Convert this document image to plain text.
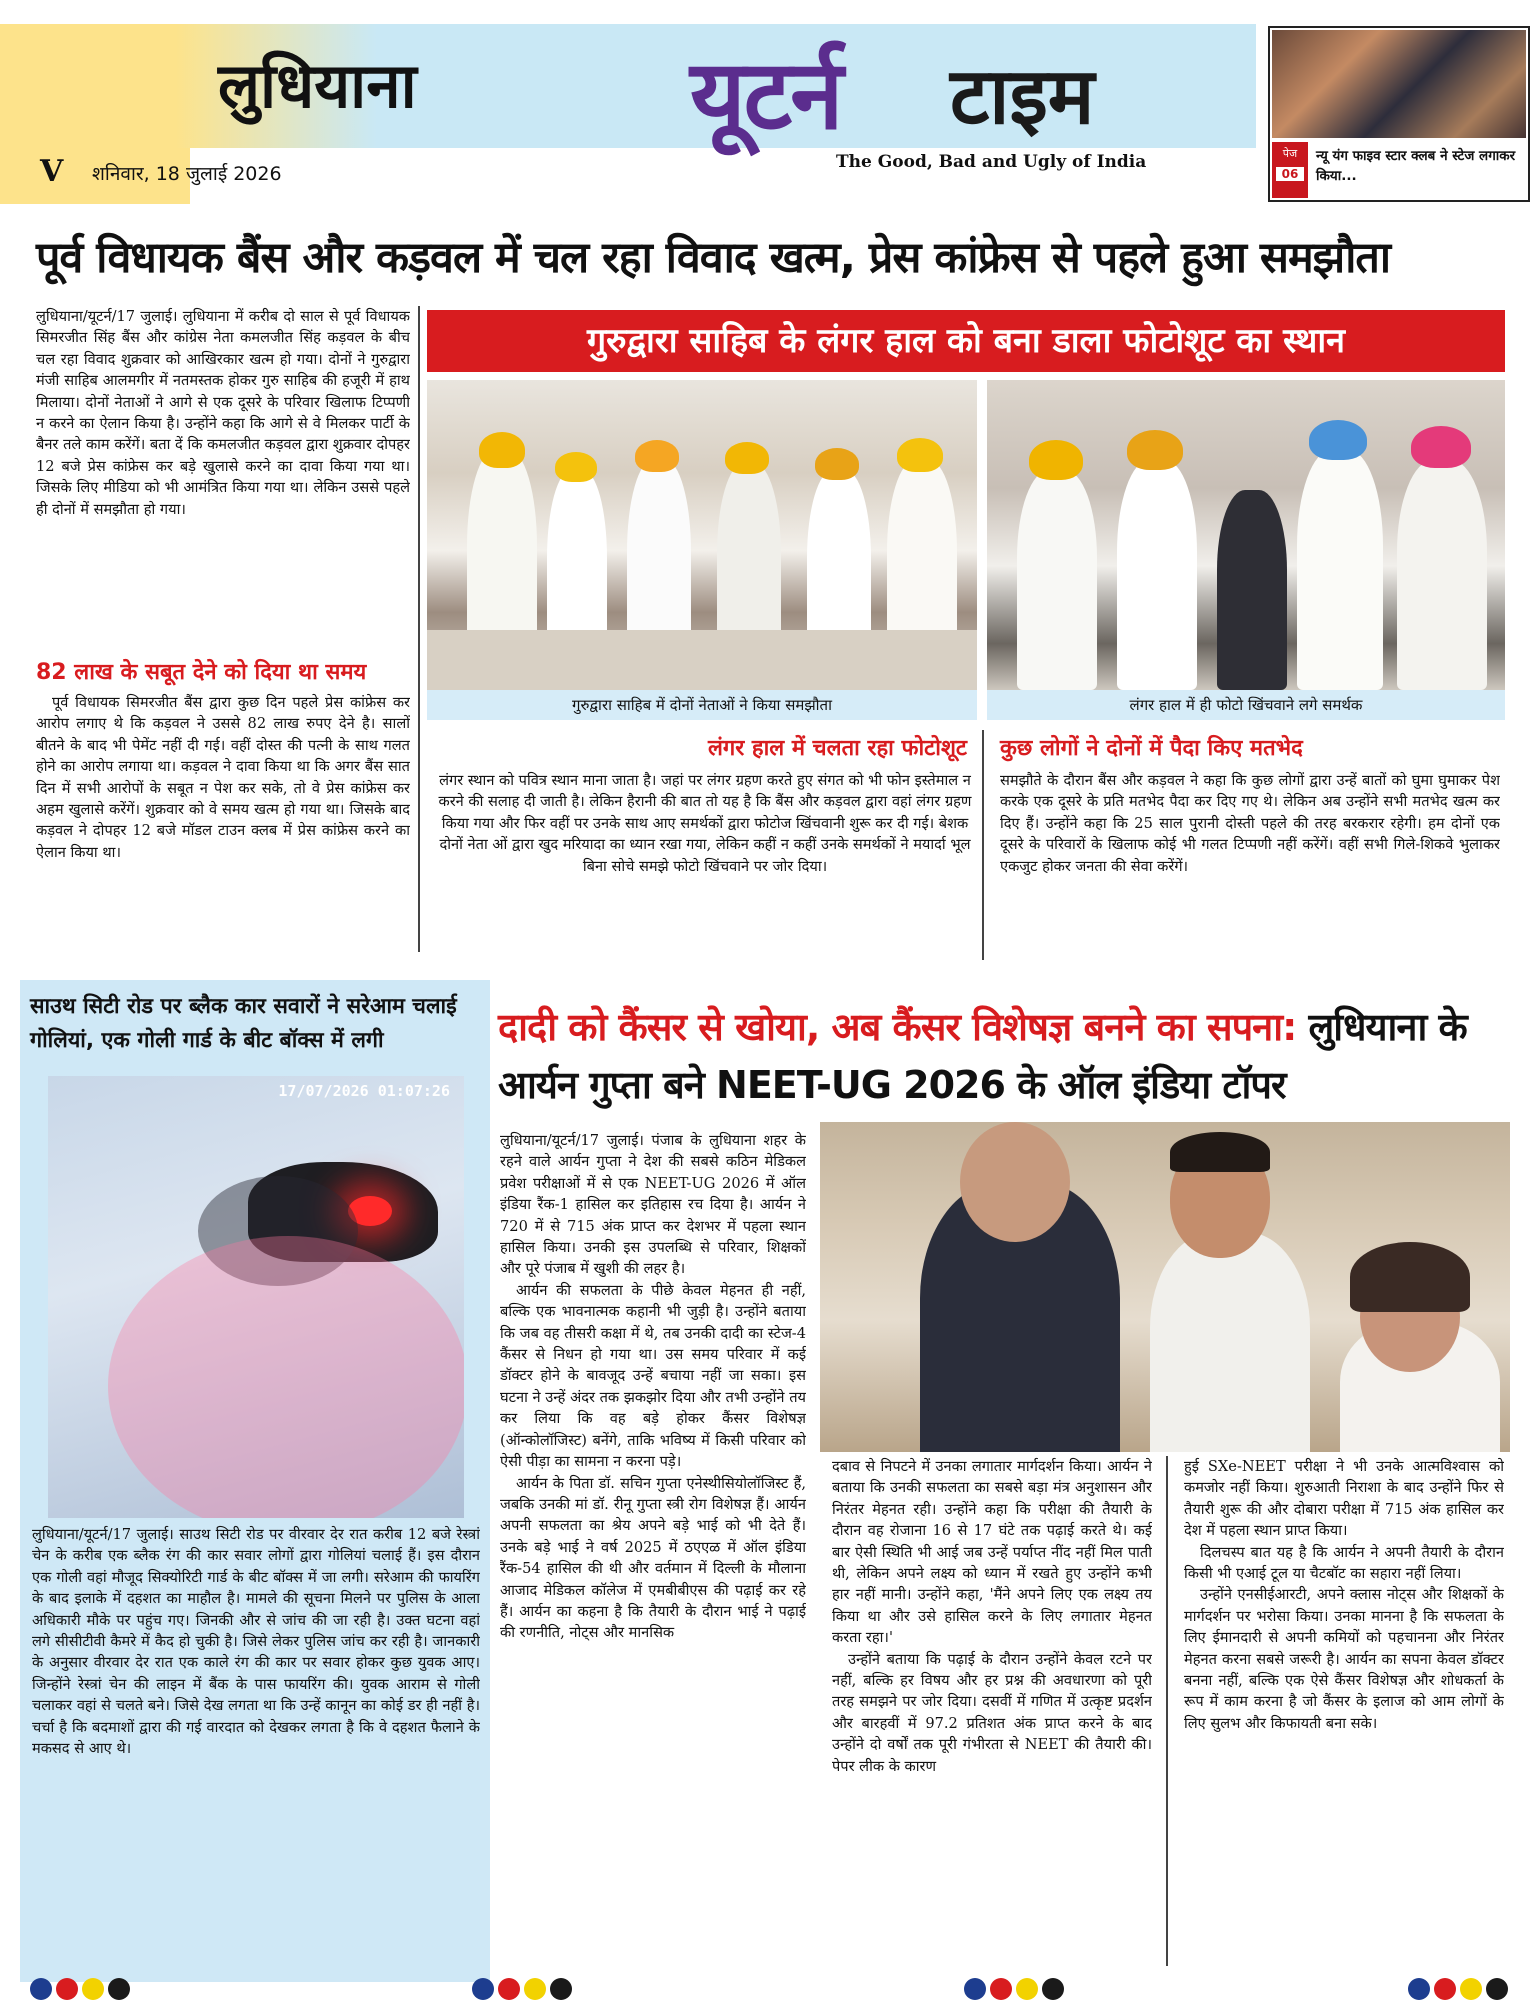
लुधियाना	यूटर्न टाइम
The Good, Bad and Ugly of India
V शनिवार, 18 जुलाई 2026
पेज
06
न्यू यंग फाइव स्टार क्लब ने स्टेज लगाकर किया...
पूर्व विधायक बैंस और कड़वल में चल रहा विवाद खत्म, प्रेस कांफ्रेस से पहले हुआ समझौता

लुधियाना/यूटर्न/17 जुलाई। लुधियाना में करीब दो साल से पूर्व विधायक सिमरजीत सिंह बैंस और कांग्रेस नेता कमलजीत सिंह कड़वल के बीच चल रहा विवाद शुक्रवार को आखिरकार खत्म हो गया। दोनों ने गुरुद्वारा मंजी साहिब आलमगीर में नतमस्तक होकर गुरु साहिब की हजूरी में हाथ मिलाया। दोनों नेताओं ने आगे से एक दूसरे के परिवार खिलाफ टिप्पणी न करने का ऐलान किया है। उन्होंने कहा कि आगे से वे मिलकर पार्टी के बैनर तले काम करेंगें। बता दें कि कमलजीत कड़वल द्वारा शुक्रवार दोपहर 12 बजे प्रेस कांफ्रेस कर बड़े खुलासे करने का दावा किया गया था। जिसके लिए मीडिया को भी आमंत्रित किया गया था। लेकिन उससे पहले ही दोनों में समझौता हो गया।

82 लाख के सबूत देने को दिया था समय

पूर्व विधायक सिमरजीत बैंस द्वारा कुछ दिन पहले प्रेस कांफ्रेस कर आरोप लगाए थे कि कड़वल ने उससे 82 लाख रुपए देने है। सालों बीतने के बाद भी पेमेंट नहीं दी गई। वहीं दोस्त की पत्नी के साथ गलत होने का आरोप लगाया था। कड़वल ने दावा किया था कि अगर बैंस सात दिन में सभी आरोपों के सबूत न पेश कर सके, तो वे प्रेस कांफ्रेस कर अहम खुलासे करेंगें। शुक्रवार को वे समय खत्म हो गया था। जिसके बाद कड़वल ने दोपहर 12 बजे मॉडल टाउन क्लब में प्रेस कांफ्रेस करने का ऐलान किया था।

गुरुद्वारा साहिब के लंगर हाल को बना डाला फोटोशूट का स्थान
गुरुद्वारा साहिब में दोनों नेताओं ने किया समझौता	लंगर हाल में ही फोटो खिंचवाने लगे समर्थक
लंगर हाल में चलता रहा फोटोशूट

लंगर स्थान को पवित्र स्थान माना जाता है। जहां पर लंगर ग्रहण करते हुए संगत को भी फोन इस्तेमाल न करने की सलाह दी जाती है। लेकिन हैरानी की बात तो यह है कि बैंस और कड़वल द्वारा वहां लंगर ग्रहण किया गया और फिर वहीं पर उनके साथ आए समर्थकों द्वारा फोटोज खिंचवानी शुरू कर दी गई। बेशक दोनों नेता ओं द्वारा खुद मरियादा का ध्यान रखा गया, लेकिन कहीं न कहीं उनके समर्थकों ने मयार्दा भूल बिना सोचे समझे फोटो खिंचवाने पर जोर दिया।

कुछ लोगों ने दोनों में पैदा किए मतभेद

समझौते के दौरान बैंस और कड़वल ने कहा कि कुछ लोगों द्वारा उन्हें बातों को घुमा घुमाकर पेश करके एक दूसरे के प्रति मतभेद पैदा कर दिए गए थे। लेकिन अब उन्होंने सभी मतभेद खत्म कर दिए हैं। उन्होंने कहा कि 25 साल पुरानी दोस्ती पहले की तरह बरकरार रहेगी। हम दोनों एक दूसरे के परिवारों के खिलाफ कोई भी गलत टिप्पणी नहीं करेंगें। वहीं सभी गिले-शिकवे भुलाकर एकजुट होकर जनता की सेवा करेंगें।

साउथ सिटी रोड पर ब्लैक कार सवारों ने सरेआम चलाई गोलियां, एक गोली गार्ड के बीट बॉक्स में लगी
17/07/2026 01:07:26

लुधियाना/यूटर्न/17 जुलाई। साउथ सिटी रोड पर वीरवार देर रात करीब 12 बजे रेस्त्रां चेन के करीब एक ब्लैक रंग की कार सवार लोगों द्वारा गोलियां चलाई हैं। इस दौरान एक गोली वहां मौजूद सिक्योरिटी गार्ड के बीट बॉक्स में जा लगी। सरेआम की फायरिंग के बाद इलाके में दहशत का माहौल है। मामले की सूचना मिलने पर पुलिस के आला अधिकारी मौके पर पहुंच गए। जिनकी और से जांच की जा रही है। उक्त घटना वहां लगे सीसीटीवी कैमरे में कैद हो चुकी है। जिसे लेकर पुलिस जांच कर रही है। जानकारी के अनुसार वीरवार देर रात एक काले रंग की कार पर सवार होकर कुछ युवक आए। जिन्होंने रेस्त्रां चेन की लाइन में बैंक के पास फायरिंग की। युवक आराम से गोली चलाकर वहां से चलते बने। जिसे देख लगता था कि उन्हें कानून का कोई डर ही नहीं है। चर्चा है कि बदमाशों द्वारा की गई वारदात को देखकर लगता है कि वे दहशत फैलाने के मकसद से आए थे।

दादी को कैंसर से खोया, अब कैंसर विशेषज्ञ बनने का सपना: लुधियाना के आर्यन गुप्ता बने NEET-UG 2026 के ऑल इंडिया टॉपर

लुधियाना/यूटर्न/17 जुलाई। पंजाब के लुधियाना शहर के रहने वाले आर्यन गुप्ता ने देश की सबसे कठिन मेडिकल प्रवेश परीक्षाओं में से एक NEET-UG 2026 में ऑल इंडिया रैंक-1 हासिल कर इतिहास रच दिया है। आर्यन ने 720 में से 715 अंक प्राप्त कर देशभर में पहला स्थान हासिल किया। उनकी इस उपलब्धि से परिवार, शिक्षकों और पूरे पंजाब में खुशी की लहर है।

आर्यन की सफलता के पीछे केवल मेहनत ही नहीं, बल्कि एक भावनात्मक कहानी भी जुड़ी है। उन्होंने बताया कि जब वह तीसरी कक्षा में थे, तब उनकी दादी का स्टेज-4 कैंसर से निधन हो गया था। उस समय परिवार में कई डॉक्टर होने के बावजूद उन्हें बचाया नहीं जा सका। इस घटना ने उन्हें अंदर तक झकझोर दिया और तभी उन्होंने तय कर लिया कि वह बड़े होकर कैंसर विशेषज्ञ (ऑन्कोलॉजिस्ट) बनेंगे, ताकि भविष्य में किसी परिवार को ऐसी पीड़ा का सामना न करना पड़े।

आर्यन के पिता डॉ. सचिन गुप्ता एनेस्थीसियोलॉजिस्ट हैं, जबकि उनकी मां डॉ. रीनू गुप्ता स्त्री रोग विशेषज्ञ हैं। आर्यन अपनी सफलता का श्रेय अपने बड़े भाई को भी देते हैं। उनके बड़े भाई ने वर्ष 2025 में ठएएळ में ऑल इंडिया रैंक-54 हासिल की थी और वर्तमान में दिल्ली के मौलाना आजाद मेडिकल कॉलेज में एमबीबीएस की पढ़ाई कर रहे हैं। आर्यन का कहना है कि तैयारी के दौरान भाई ने पढ़ाई की रणनीति, नोट्स और मानसिक

दबाव से निपटने में उनका लगातार मार्गदर्शन किया। आर्यन ने बताया कि उनकी सफलता का सबसे बड़ा मंत्र अनुशासन और निरंतर मेहनत रही। उन्होंने कहा कि परीक्षा की तैयारी के दौरान वह रोजाना 16 से 17 घंटे तक पढ़ाई करते थे। कई बार ऐसी स्थिति भी आई जब उन्हें पर्याप्त नींद नहीं मिल पाती थी, लेकिन अपने लक्ष्य को ध्यान में रखते हुए उन्होंने कभी हार नहीं मानी। उन्होंने कहा, 'मैंने अपने लिए एक लक्ष्य तय किया था और उसे हासिल करने के लिए लगातार मेहनत करता रहा।'

उन्होंने बताया कि पढ़ाई के दौरान उन्होंने केवल रटने पर नहीं, बल्कि हर विषय और हर प्रश्न की अवधारणा को पूरी तरह समझने पर जोर दिया। दसवीं में गणित में उत्कृष्ट प्रदर्शन और बारहवीं में 97.2 प्रतिशत अंक प्राप्त करने के बाद उन्होंने दो वर्षों तक पूरी गंभीरता से NEET की तैयारी की। पेपर लीक के कारण

हुई SXe-NEET परीक्षा ने भी उनके आत्मविश्वास को कमजोर नहीं किया। शुरुआती निराशा के बाद उन्होंने फिर से तैयारी शुरू की और दोबारा परीक्षा में 715 अंक हासिल कर देश में पहला स्थान प्राप्त किया।

दिलचस्प बात यह है कि आर्यन ने अपनी तैयारी के दौरान किसी भी एआई टूल या चैटबॉट का सहारा नहीं लिया।

उन्होंने एनसीईआरटी, अपने क्लास नोट्स और शिक्षकों के मार्गदर्शन पर भरोसा किया। उनका मानना है कि सफलता के लिए ईमानदारी से अपनी कमियों को पहचानना और निरंतर मेहनत करना सबसे जरूरी है। आर्यन का सपना केवल डॉक्टर बनना नहीं, बल्कि एक ऐसे कैंसर विशेषज्ञ और शोधकर्ता के रूप में काम करना है जो कैंसर के इलाज को आम लोगों के लिए सुलभ और किफायती बना सके।
